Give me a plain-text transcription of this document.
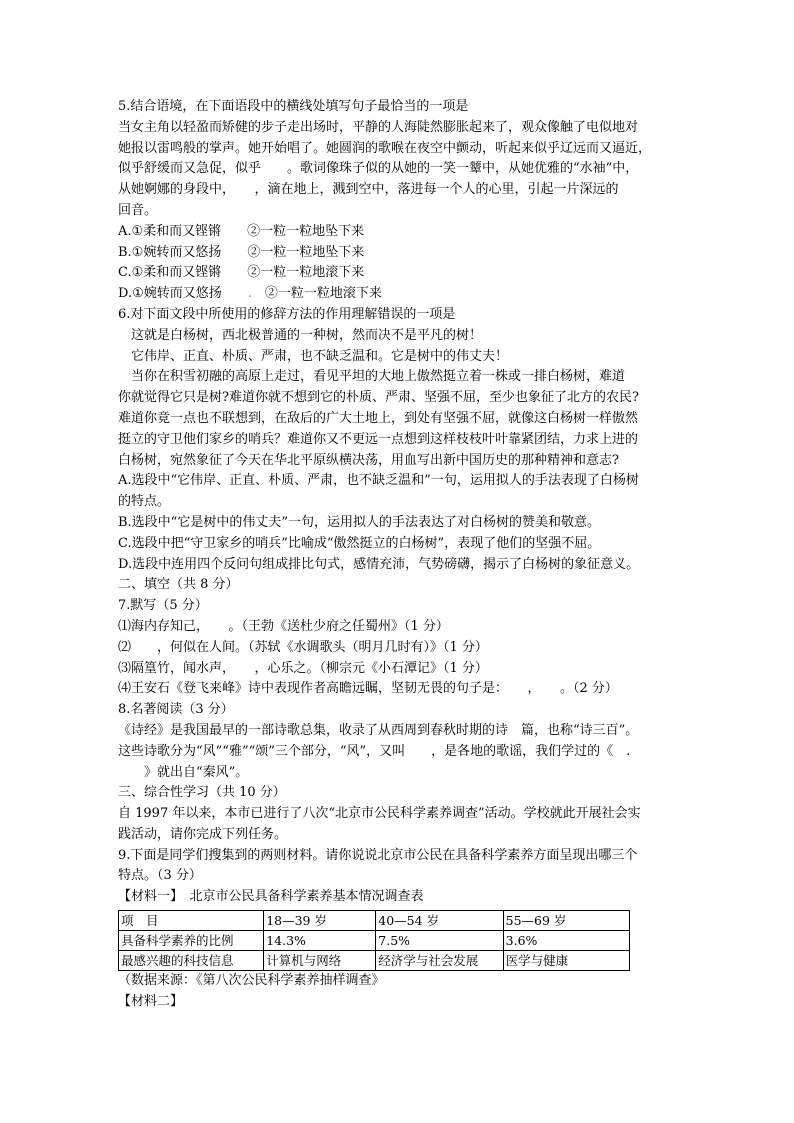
5.结合语境，在下面语段中的横线处填写句子最恰当的一项是
当女主角以轻盈而矫健的步子走出场时，平静的人海陡然膨胀起来了，观众像触了电似地对
她报以雷鸣般的掌声。她开始唱了。她圆润的歌喉在夜空中颤动，听起来似乎辽远而又逼近，
似乎舒缓而又急促，似乎　　。歌词像珠子似的从她的一笑一颦中，从她优雅的“水袖”中，
从她婀娜的身段中，　　，滴在地上，溅到空中，落进每一个人的心里，引起一片深远的
回音。
A.①柔和而又铿锵　　②一粒一粒地坠下来
B.①婉转而又悠扬　　②一粒一粒地坠下来
C.①柔和而又铿锵　　②一粒一粒地滚下来
D.①婉转而又悠扬　　 .　 ②一粒一粒地滚下来
6.对下面文段中所使用的修辞方法的作用理解错误的一项是
这就是白杨树，西北极普通的一种树，然而决不是平凡的树！
它伟岸、正直、朴质、严肃，也不缺乏温和。它是树中的伟丈夫！
当你在积雪初融的高原上走过，看见平坦的大地上傲然挺立着一株或一排白杨树，难道
你就觉得它只是树?难道你就不想到它的朴质、严肃、坚强不屈，至少也象征了北方的农民?
难道你竟一点也不联想到，在敌后的广大土地上，到处有坚强不屈，就像这白杨树一样傲然
挺立的守卫他们家乡的哨兵？难道你又不更远一点想到这样枝枝叶叶靠紧团结，力求上进的
白杨树，宛然象征了今天在华北平原纵横决荡，用血写出新中国历史的那种精神和意志?
A.选段中“它伟岸、正直、朴质、严肃，也不缺乏温和”一句，运用拟人的手法表现了白杨树
的特点。
B.选段中“它是树中的伟丈夫”一句，运用拟人的手法表达了对白杨树的赞美和敬意。
C.选段中把“守卫家乡的哨兵”比喻成“傲然挺立的白杨树”，表现了他们的坚强不屈。
D.选段中连用四个反问句组成排比句式，感情充沛，气势磅礴，揭示了白杨树的象征意义。
二、填空（共 8 分）
7.默写（5 分）
⑴海内存知己，　　。（王勃《送杜少府之任蜀州》（1 分）
⑵　　，何似在人间。（苏轼《水调歌头（明月几时有）》（1 分）
⑶隔篁竹，闻水声，　　，心乐之。（柳宗元《小石潭记》（1 分）
⑷王安石《登飞来峰》诗中表现作者高瞻远瞩，坚韧无畏的句子是：　　，　　。（2 分）
8.名著阅读（3 分）
《诗经》是我国最早的一部诗歌总集，收录了从西周到春秋时期的诗　篇，也称“诗三百”。
这些诗歌分为“风”“雅”“颂”三个部分，“风”，又叫　　，是各地的歌谣，我们学过的《　.
　　》就出自“秦风”。
三、综合性学习（共 10 分）
自 1997 年以来，本市已进行了八次“北京市公民科学素养调查”活动。学校就此开展社会实
践活动，请你完成下列任务。
9.下面是同学们搜集到的两则材料。请你说说北京市公民在具备科学素养方面呈现出哪三个
特点。（3 分）
【材料一】　北京市公民具备科学素养基本情况调查表
项　目	18—39 岁	40—54 岁	55—69 岁
具备科学素养的比例	14.3%	7.5%	3.6%
最感兴趣的科技信息	计算机与网络	经济学与社会发展	医学与健康
（数据来源：《第八次公民科学素养抽样调查》
【材料二】
